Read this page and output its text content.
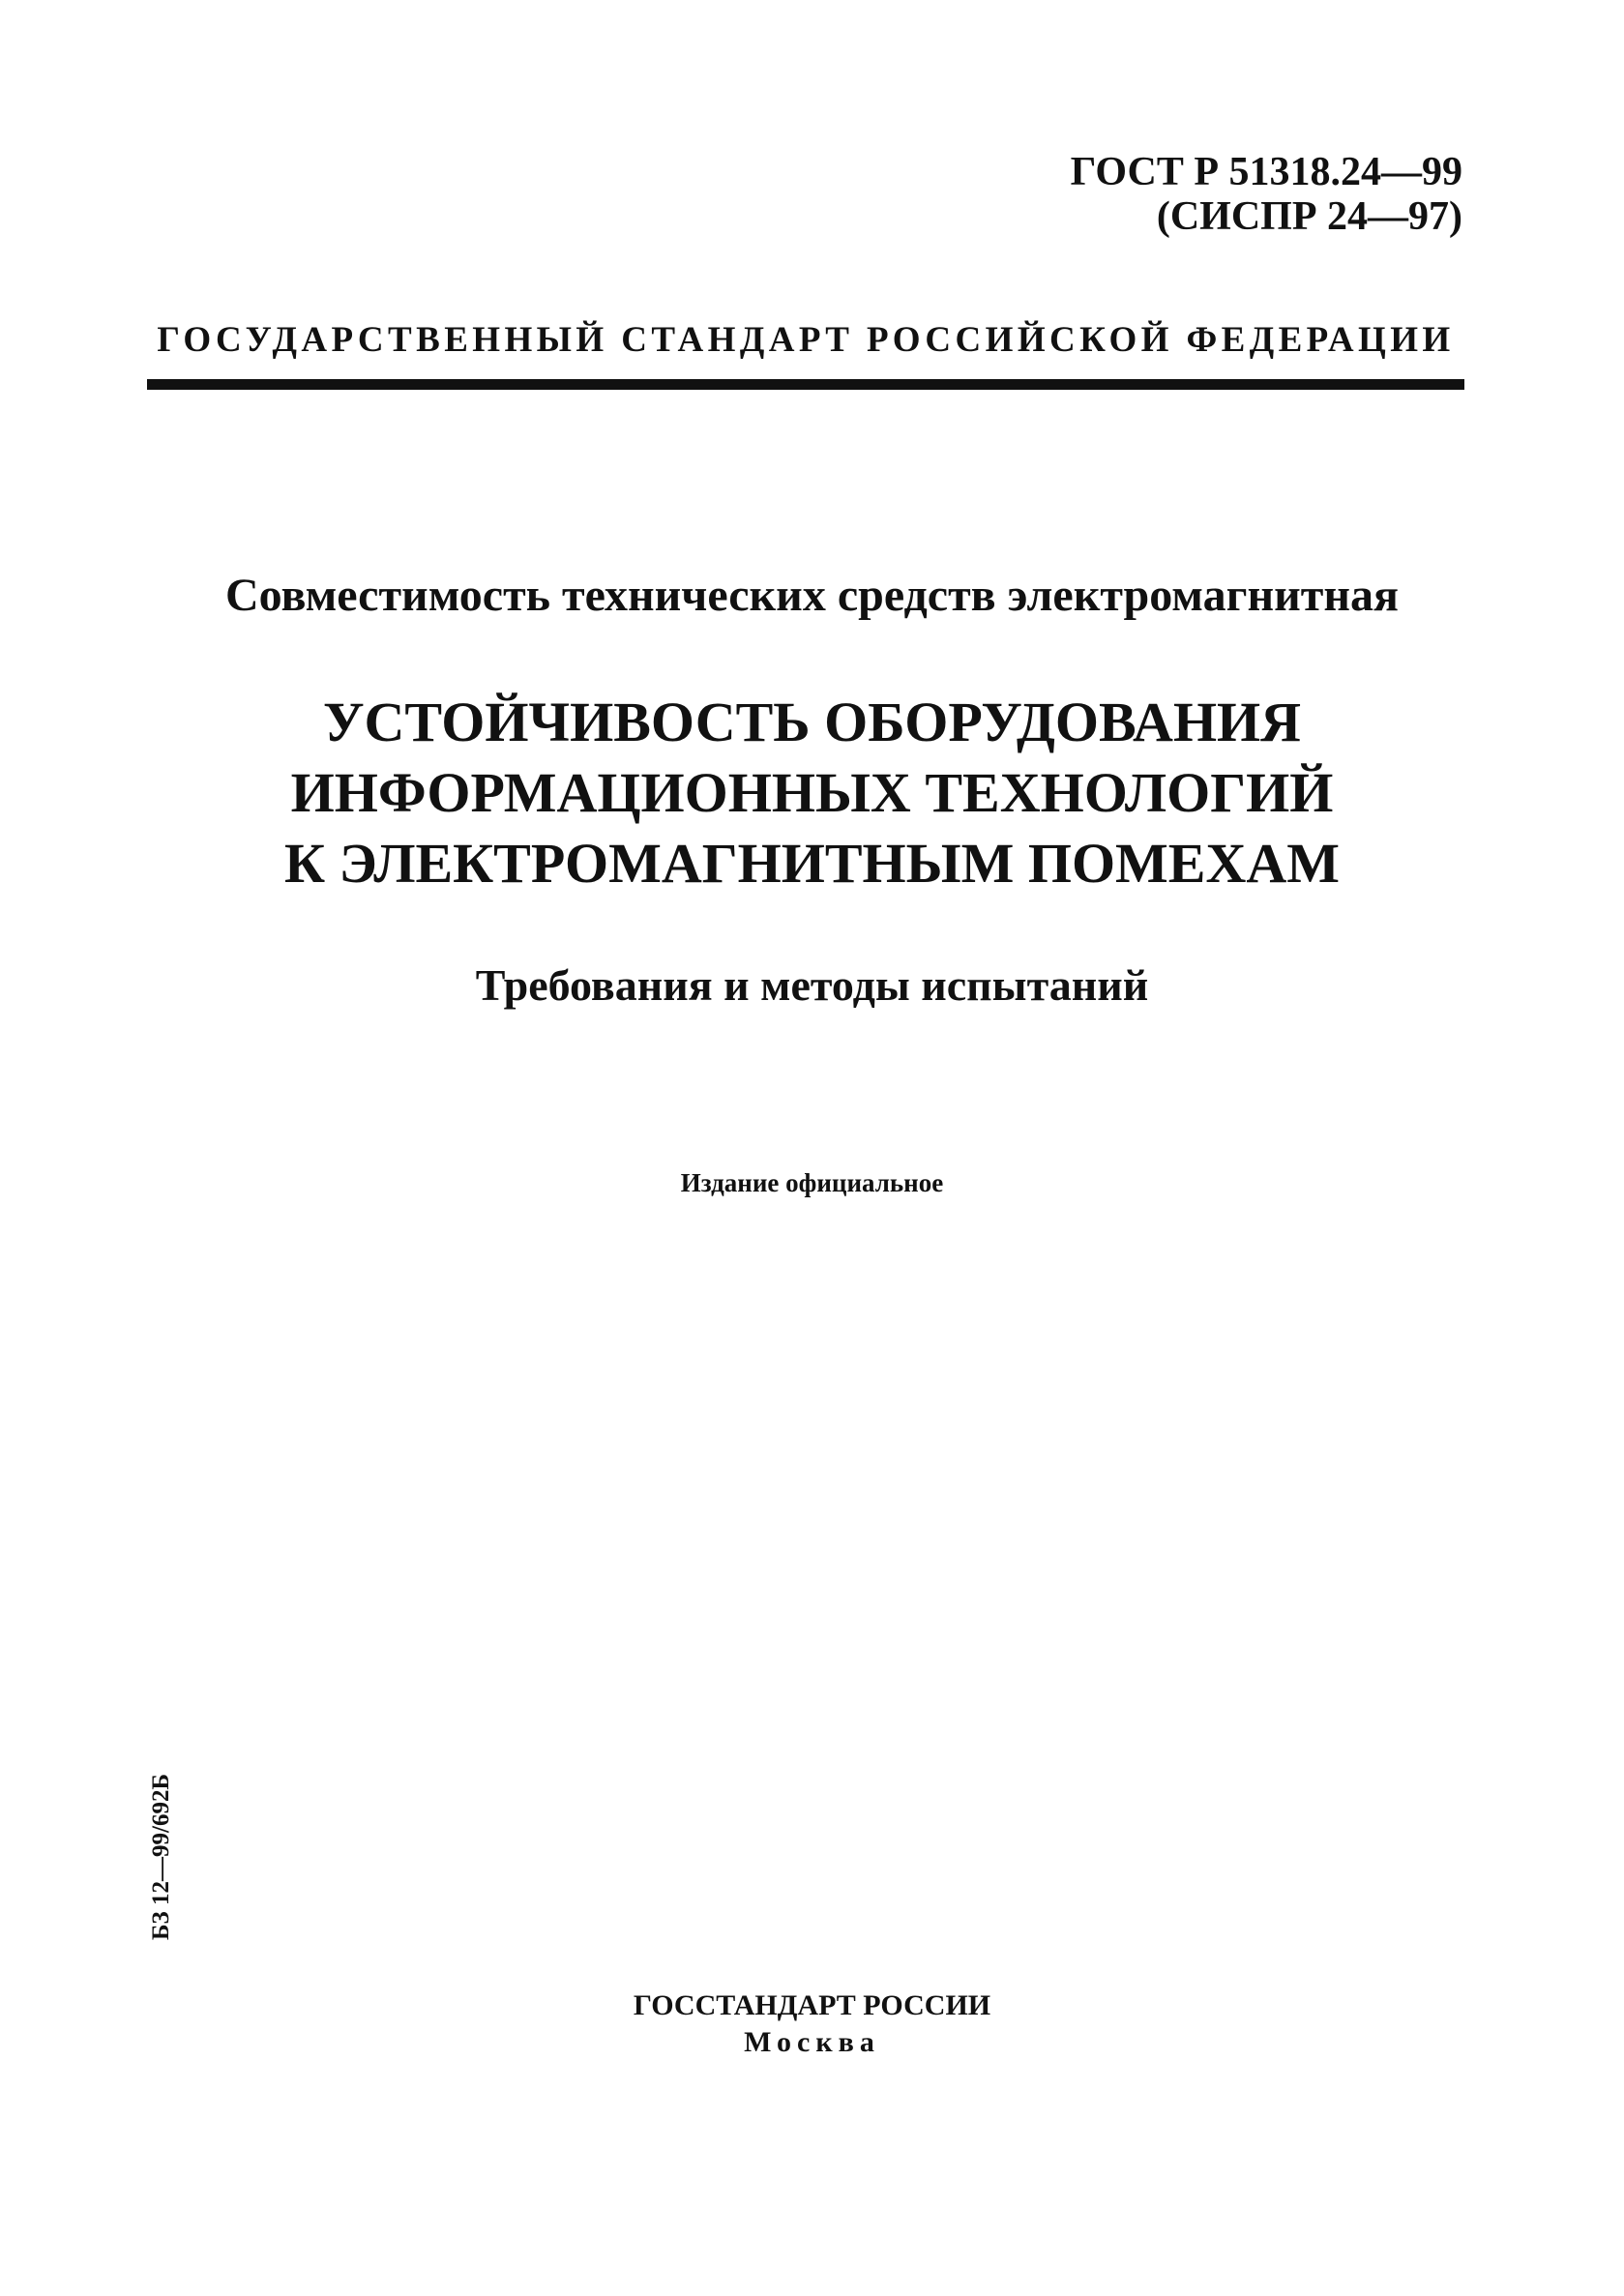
ГОСТ Р 51318.24—99
(СИСПР 24—97)
ГОСУДАРСТВЕННЫЙ СТАНДАРТ РОССИЙСКОЙ ФЕДЕРАЦИИ
Совместимость технических средств электромагнитная
УСТОЙЧИВОСТЬ ОБОРУДОВАНИЯ
ИНФОРМАЦИОННЫХ ТЕХНОЛОГИЙ
К ЭЛЕКТРОМАГНИТНЫМ ПОМЕХАМ
Требования и методы испытаний
Издание официальное
БЗ 12—99/692Б
ГОССТАНДАРТ РОССИИ
Москва
